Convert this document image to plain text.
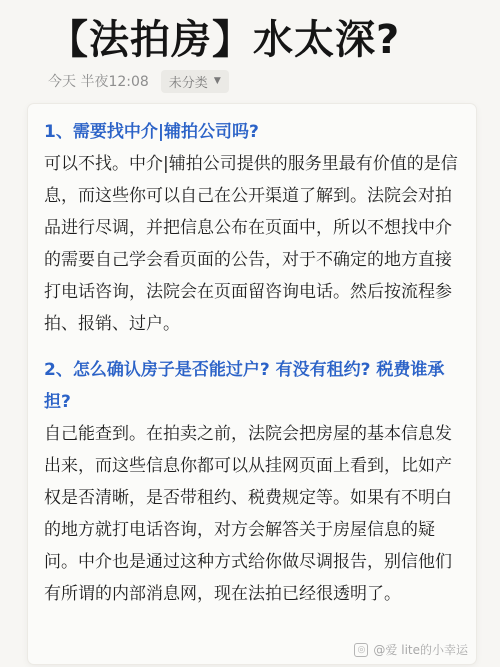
【法拍房】水太深?
今天 半夜12:08 未分类 ▼

1、需要找中介|辅拍公司吗?

可以不找。中介|辅拍公司提供的服务里最有价值的是信息，而这些你可以自己在公开渠道了解到。法院会对拍品进行尽调，并把信息公布在页面中，所以不想找中介的需要自己学会看页面的公告，对于不确定的地方直接打电话咨询，法院会在页面留咨询电话。然后按流程参拍、报销、过户。

2、怎么确认房子是否能过户? 有没有租约? 税费谁承担?

自己能查到。在拍卖之前，法院会把房屋的基本信息发出来，而这些信息你都可以从挂网页面上看到，比如产权是否清晰，是否带租约、税费规定等。如果有不明白的地方就打电话咨询，对方会解答关于房屋信息的疑问。中介也是通过这种方式给你做尽调报告，别信他们有所谓的内部消息网，现在法拍已经很透明了。

◎ @爱 lite的小幸运
